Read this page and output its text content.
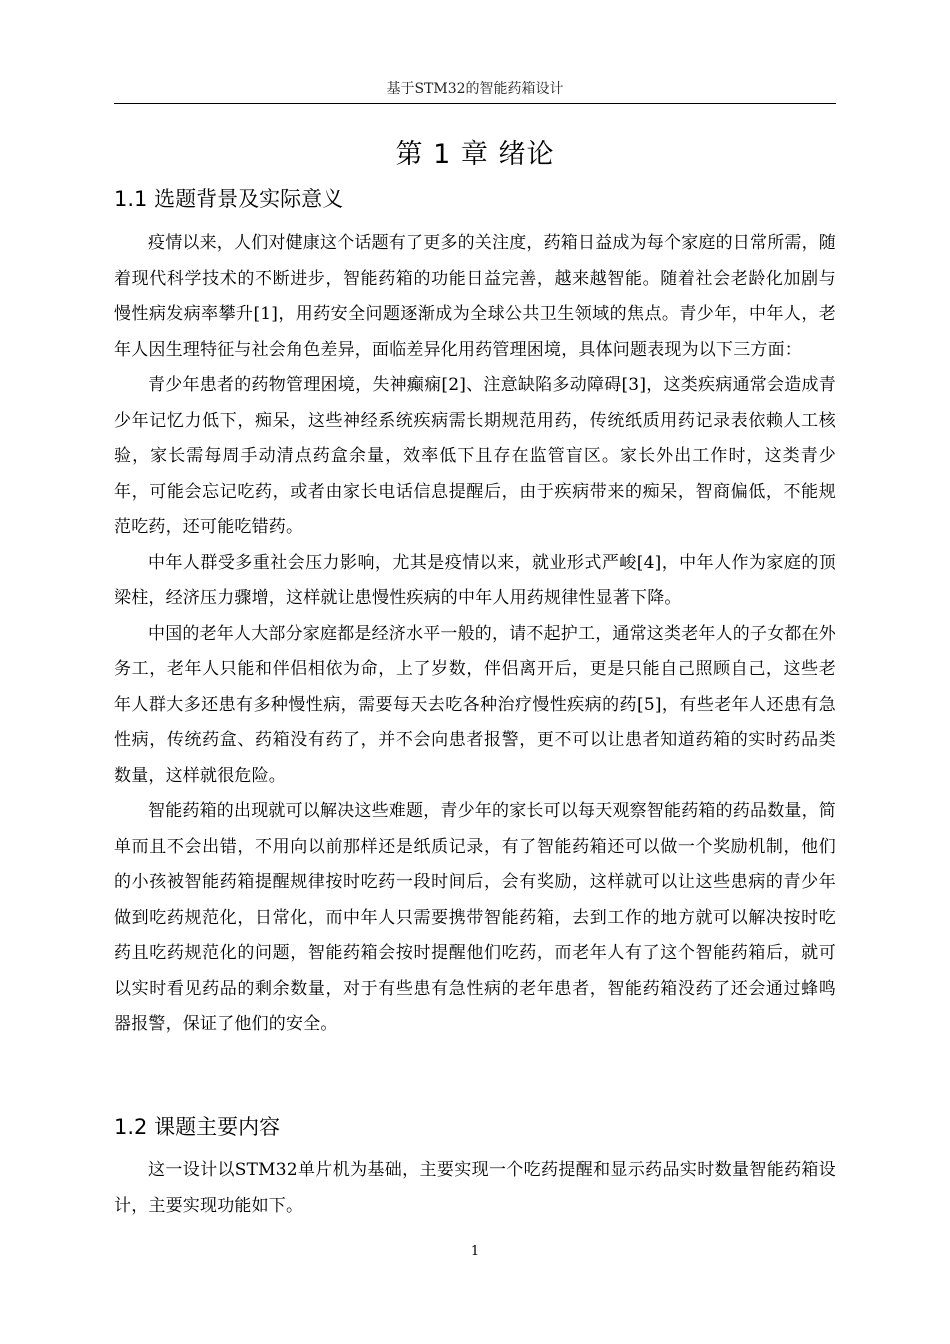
基于STM32的智能药箱设计
第 1 章 绪论
1.1 选题背景及实际意义

疫情以来，人们对健康这个话题有了更多的关注度，药箱日益成为每个家庭的日常所需，随着现代科学技术的不断进步，智能药箱的功能日益完善，越来越智能。随着社会老龄化加剧与慢性病发病率攀升[1]，用药安全问题逐渐成为全球公共卫生领域的焦点。青少年，中年人，老年人因生理特征与社会角色差异，面临差异化用药管理困境，具体问题表现为以下三方面：

青少年患者的药物管理困境，失神癫痫[2]、注意缺陷多动障碍[3]，这类疾病通常会造成青少年记忆力低下，痴呆，这些神经系统疾病需长期规范用药，传统纸质用药记录表依赖人工核验，家长需每周手动清点药盒余量，效率低下且存在监管盲区。家长外出工作时，这类青少年，可能会忘记吃药，或者由家长电话信息提醒后，由于疾病带来的痴呆，智商偏低，不能规范吃药，还可能吃错药。

中年人群受多重社会压力影响，尤其是疫情以来，就业形式严峻[4]，中年人作为家庭的顶梁柱，经济压力骤增，这样就让患慢性疾病的中年人用药规律性显著下降。

中国的老年人大部分家庭都是经济水平一般的，请不起护工，通常这类老年人的子女都在外务工，老年人只能和伴侣相依为命，上了岁数，伴侣离开后，更是只能自己照顾自己，这些老年人群大多还患有多种慢性病，需要每天去吃各种治疗慢性疾病的药[5]，有些老年人还患有急性病，传统药盒、药箱没有药了，并不会向患者报警，更不可以让患者知道药箱的实时药品类数量，这样就很危险。

智能药箱的出现就可以解决这些难题，青少年的家长可以每天观察智能药箱的药品数量，简单而且不会出错，不用向以前那样还是纸质记录，有了智能药箱还可以做一个奖励机制，他们的小孩被智能药箱提醒规律按时吃药一段时间后，会有奖励，这样就可以让这些患病的青少年做到吃药规范化，日常化，而中年人只需要携带智能药箱，去到工作的地方就可以解决按时吃药且吃药规范化的问题，智能药箱会按时提醒他们吃药，而老年人有了这个智能药箱后，就可以实时看见药品的剩余数量，对于有些患有急性病的老年患者，智能药箱没药了还会通过蜂鸣器报警，保证了他们的安全。

1.2 课题主要内容

这一设计以STM32单片机为基础，主要实现一个吃药提醒和显示药品实时数量智能药箱设计，主要实现功能如下。

1
